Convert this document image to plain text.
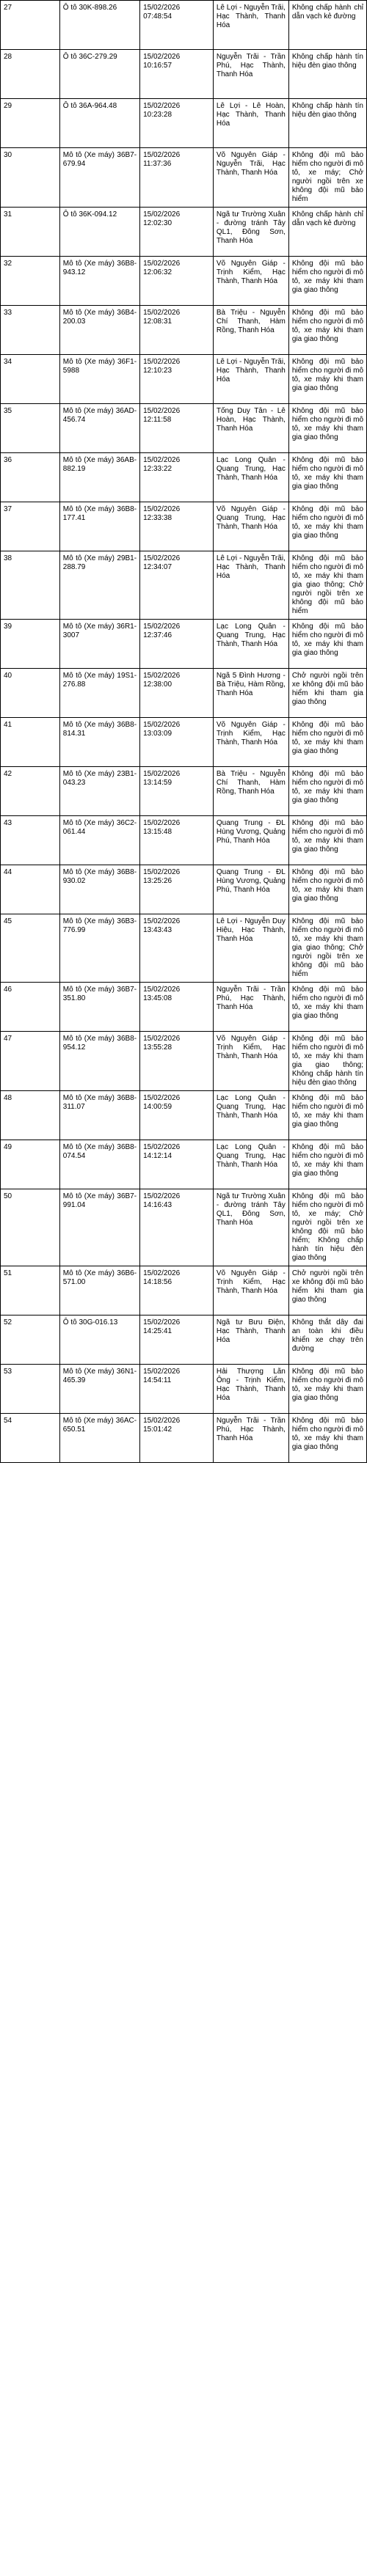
27	Ô tô 30K-898.26	15/02/2026 07:48:54	Lê Lợi - Nguyễn Trãi, Hạc Thành, Thanh Hóa	Không chấp hành chỉ dẫn vạch kẻ đường
28	Ô tô 36C-279.29	15/02/2026 10:16:57	Nguyễn Trãi - Trần Phú, Hạc Thành, Thanh Hóa	Không chấp hành tín hiệu đèn giao thông
29	Ô tô 36A-964.48	15/02/2026 10:23:28	Lê Lợi - Lê Hoàn, Hạc Thành, Thanh Hóa	Không chấp hành tín hiệu đèn giao thông
30	Mô tô (Xe máy) 36B7-679.94	15/02/2026 11:37:36	Võ Nguyên Giáp - Nguyễn Trãi, Hạc Thành, Thanh Hóa	Không đội mũ bảo hiểm cho người đi mô tô, xe máy; Chở người ngồi trên xe không đội mũ bảo hiểm
31	Ô tô 36K-094.12	15/02/2026 12:02:30	Ngã tư Trường Xuân - đường tránh Tây QL1, Đông Sơn, Thanh Hóa	Không chấp hành chỉ dẫn vạch kẻ đường
32	Mô tô (Xe máy) 36B8-943.12	15/02/2026 12:06:32	Võ Nguyên Giáp - Trịnh Kiểm, Hạc Thành, Thanh Hóa	Không đội mũ bảo hiểm cho người đi mô tô, xe máy khi tham gia giao thông
33	Mô tô (Xe máy) 36B4-200.03	15/02/2026 12:08:31	Bà Triệu - Nguyễn Chí Thanh, Hàm Rồng, Thanh Hóa	Không đội mũ bảo hiểm cho người đi mô tô, xe máy khi tham gia giao thông
34	Mô tô (Xe máy) 36F1-5988	15/02/2026 12:10:23	Lê Lợi - Nguyễn Trãi, Hạc Thành, Thanh Hóa	Không đội mũ bảo hiểm cho người đi mô tô, xe máy khi tham gia giao thông
35	Mô tô (Xe máy) 36AD-456.74	15/02/2026 12:11:58	Tống Duy Tân - Lê Hoàn, Hạc Thành, Thanh Hóa	Không đội mũ bảo hiểm cho người đi mô tô, xe máy khi tham gia giao thông
36	Mô tô (Xe máy) 36AB-882.19	15/02/2026 12:33:22	Lạc Long Quân - Quang Trung, Hạc Thành, Thanh Hóa	Không đội mũ bảo hiểm cho người đi mô tô, xe máy khi tham gia giao thông
37	Mô tô (Xe máy) 36B8-177.41	15/02/2026 12:33:38	Võ Nguyên Giáp - Quang Trung, Hạc Thành, Thanh Hóa	Không đội mũ bảo hiểm cho người đi mô tô, xe máy khi tham gia giao thông
38	Mô tô (Xe máy) 29B1-288.79	15/02/2026 12:34:07	Lê Lợi - Nguyễn Trãi, Hạc Thành, Thanh Hóa	Không đội mũ bảo hiểm cho người đi mô tô, xe máy khi tham gia giao thông; Chở người ngồi trên xe không đội mũ bảo hiểm
39	Mô tô (Xe máy) 36R1-3007	15/02/2026 12:37:46	Lạc Long Quân - Quang Trung, Hạc Thành, Thanh Hóa	Không đội mũ bảo hiểm cho người đi mô tô, xe máy khi tham gia giao thông
40	Mô tô (Xe máy) 19S1-276.88	15/02/2026 12:38:00	Ngã 5 Đình Hương - Bà Triệu, Hàm Rồng, Thanh Hóa	Chở người ngồi trên xe không đội mũ bảo hiểm khi tham gia giao thông
41	Mô tô (Xe máy) 36B8-814.31	15/02/2026 13:03:09	Võ Nguyên Giáp - Trịnh Kiểm, Hạc Thành, Thanh Hóa	Không đội mũ bảo hiểm cho người đi mô tô, xe máy khi tham gia giao thông
42	Mô tô (Xe máy) 23B1-043.23	15/02/2026 13:14:59	Bà Triệu - Nguyễn Chí Thanh, Hàm Rồng, Thanh Hóa	Không đội mũ bảo hiểm cho người đi mô tô, xe máy khi tham gia giao thông
43	Mô tô (Xe máy) 36C2-061.44	15/02/2026 13:15:48	Quang Trung - ĐL Hùng Vương, Quảng Phú, Thanh Hóa	Không đội mũ bảo hiểm cho người đi mô tô, xe máy khi tham gia giao thông
44	Mô tô (Xe máy) 36B8-930.02	15/02/2026 13:25:26	Quang Trung - ĐL Hùng Vương, Quảng Phú, Thanh Hóa	Không đội mũ bảo hiểm cho người đi mô tô, xe máy khi tham gia giao thông
45	Mô tô (Xe máy) 36B3-776.99	15/02/2026 13:43:43	Lê Lợi - Nguyễn Duy Hiệu, Hạc Thành, Thanh Hóa	Không đội mũ bảo hiểm cho người đi mô tô, xe máy khi tham gia giao thông; Chở người ngồi trên xe không đội mũ bảo hiểm
46	Mô tô (Xe máy) 36B7-351.80	15/02/2026 13:45:08	Nguyễn Trãi - Trần Phú, Hạc Thành, Thanh Hóa	Không đội mũ bảo hiểm cho người đi mô tô, xe máy khi tham gia giao thông
47	Mô tô (Xe máy) 36B8-954.12	15/02/2026 13:55:28	Võ Nguyên Giáp - Trịnh Kiểm, Hạc Thành, Thanh Hóa	Không đội mũ bảo hiểm cho người đi mô tô, xe máy khi tham gia giao thông; Không chấp hành tín hiệu đèn giao thông
48	Mô tô (Xe máy) 36B8-311.07	15/02/2026 14:00:59	Lạc Long Quân - Quang Trung, Hạc Thành, Thanh Hóa	Không đội mũ bảo hiểm cho người đi mô tô, xe máy khi tham gia giao thông
49	Mô tô (Xe máy) 36B8-074.54	15/02/2026 14:12:14	Lạc Long Quân - Quang Trung, Hạc Thành, Thanh Hóa	Không đội mũ bảo hiểm cho người đi mô tô, xe máy khi tham gia giao thông
50	Mô tô (Xe máy) 36B7-991.04	15/02/2026 14:16:43	Ngã tư Trường Xuân - đường tránh Tây QL1, Đông Sơn, Thanh Hóa	Không đội mũ bảo hiểm cho người đi mô tô, xe máy; Chở người ngồi trên xe không đội mũ bảo hiểm; Không chấp hành tín hiệu đèn giao thông
51	Mô tô (Xe máy) 36B6-571.00	15/02/2026 14:18:56	Võ Nguyên Giáp - Trịnh Kiểm, Hạc Thành, Thanh Hóa	Chở người ngồi trên xe không đội mũ bảo hiểm khi tham gia giao thông
52	Ô tô 30G-016.13	15/02/2026 14:25:41	Ngã tư Bưu Điện, Hạc Thành, Thanh Hóa	Không thắt dây đai an toàn khi điều khiển xe chạy trên đường
53	Mô tô (Xe máy) 36N1-465.39	15/02/2026 14:54:11	Hải Thượng Lãn Ông - Trịnh Kiểm, Hạc Thành, Thanh Hóa	Không đội mũ bảo hiểm cho người đi mô tô, xe máy khi tham gia giao thông
54	Mô tô (Xe máy) 36AC-650.51	15/02/2026 15:01:42	Nguyễn Trãi - Trần Phú, Hạc Thành, Thanh Hóa	Không đội mũ bảo hiểm cho người đi mô tô, xe máy khi tham gia giao thông
